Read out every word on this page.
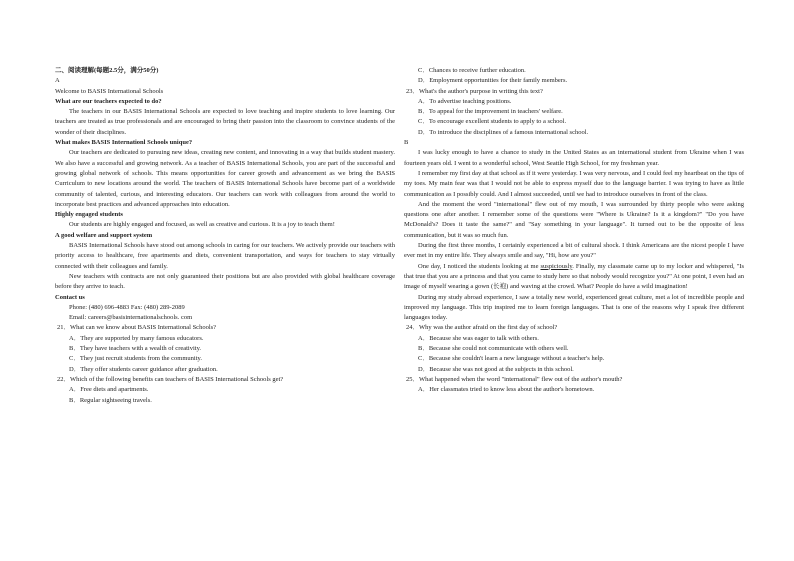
二、阅读理解(每题2.5分，满分50分)

A

Welcome to BASIS International Schools

What are our teachers expected to do?

The teachers in our BASIS International Schools are expected to love teaching and inspire students to love learning. Our teachers are treated as true professionals and are encouraged to bring their passion into the classroom to convince students of the wonder of their disciplines.

What makes BASIS Internationl Schools unique?

Our teachers are dedicated to pursuing new ideas, creating new content, and innovating in a way that builds student mastery. We also have a successful and growing network. As a teacher of BASIS International Schools, you are part of the successful and growing global network of schools. This means opportunities for career growth and advancement as we bring the BASIS Curriculum to new locations around the world. The teachers of BASIS International Schools have become part of a worldwide community of talented, curious, and interesting educators. Our teachers can work with colleagues from around the world to incorporate best practices and advanced approaches into education.

Highly engaged students

Our students are highly engaged and focused, as well as creative and curious. It is a joy to teach them!

A good welfare and support system

BASIS International Schools have stood out among schools in caring for our teachers. We actively provide our teachers with priority access to healthcare, free apartments and diets, convenient transportation, and ways for teachers to stay virtually connected with their colleagues and family.

New teachers with contracts are not only guaranteed their positions but are also provided with global healthcare coverage before they arrive to teach.

Contact us

Phone: (480) 696-4883 Fax: (480) 289-2089

Email: careers@basisinternationalschools. com

21．What can we know about BASIS International Schools?

A．They are supported by many famous educators.

B．They have teachers with a wealth of creativity.

C．They just recruit students from the community.

D．They offer students career guidance after graduation.

22．Which of the following benefits can teachers of BASIS International Schools get?

A．Free diets and apartments.

B．Regular sightseeing travels.

C．Chances to receive further education.

D．Employment opportunities for their family members.

23．What's the author's purpose in writing this text?

A．To advertise teaching positions.

B．To appeal for the improvement in teachers' welfare.

C．To encourage excellent students to apply to a school.

D．To introduce the disciplines of a famous international school.

B

I was lucky enough to have a chance to study in the United States as an international student from Ukraine when I was fourteen years old. I went to a wonderful school, West Seattle High School, for my freshman year.

I remember my first day at that school as if it were yesterday. I was very nervous, and I could feel my heartbeat on the tips of my toes. My main fear was that I would not be able to express myself due to the language barrier. I was trying to have as little communication as I possibly could. And I almost succeeded, until we had to introduce ourselves in front of the class.

And the moment the word "international" flew out of my mouth, I was surrounded by thirty people who were asking questions one after another. I remember some of the questions were "Where is Ukraine? Is it a kingdom?" "Do you have McDonald's? Does it taste the same?" and "Say something in your language". It turned out to be the opposite of less communication, but it was so much fun.

During the first three months, I certainly experienced a bit of cultural shock. I think Americans are the nicest people I have ever met in my entire life. They always smile and say, "Hi, how are you?"

One day, I noticed the students looking at me suspiciously. Finally, my classmate came up to my locker and whispered, "Is that true that you are a princess and that you came to study here so that nobody would recognize you?" At one point, I even had an image of myself wearing a gown (长袍) and waving at the crowd. What? People do have a wild imagination!

During my study abroad experience, I saw a totally new world, experienced great culture, met a lot of incredible people and improved my language. This trip inspired me to learn foreign languages. That is one of the reasons why I speak five different languages today.

24．Why was the author afraid on the first day of school?

A．Because she was eager to talk with others.

B．Because she could not communicate with others well.

C．Because she couldn't learn a new language without a teacher's help.

D．Because she was not good at the subjects in this school.

25．What happened when the word "international" flew out of the author's mouth?

A．Her classmates tried to know less about the author's hometown.
